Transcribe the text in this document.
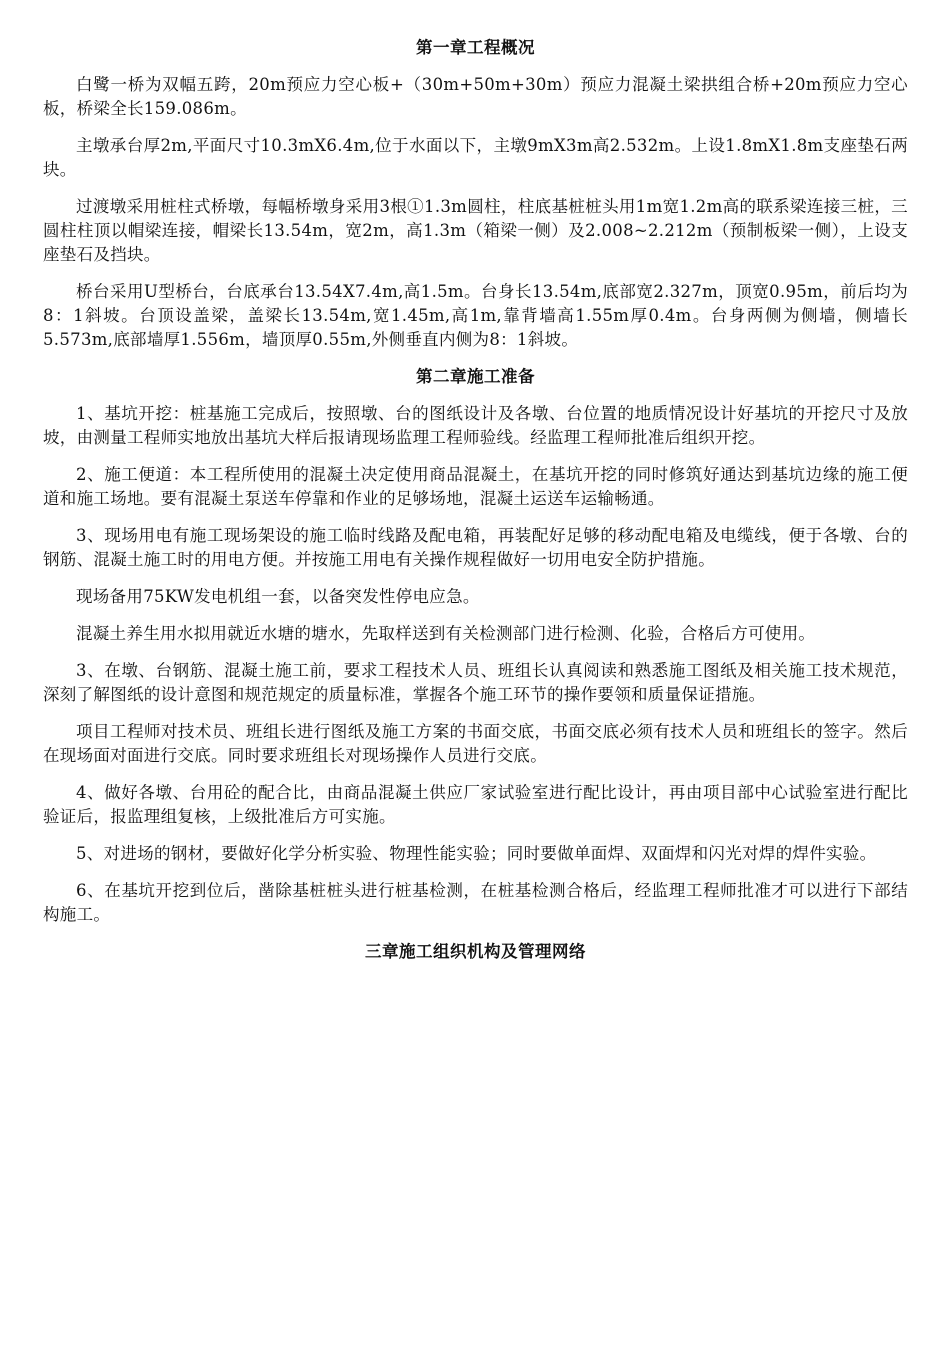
第一章工程概况

白鹭一桥为双幅五跨，20m预应力空心板+（30m+50m+30m）预应力混凝土梁拱组合桥+20m预应力空心板，桥梁全长159.086m。

主墩承台厚2m,平面尺寸10.3mX6.4m,位于水面以下，主墩9mX3m高2.532m。上设1.8mX1.8m支座垫石两块。

过渡墩采用桩柱式桥墩，每幅桥墩身采用3根①1.3m圆柱，柱底基桩桩头用1m宽1.2m高的联系梁连接三桩，三圆柱柱顶以帽梁连接，帽梁长13.54m，宽2m，高1.3m（箱梁一侧）及2.008~2.212m（预制板梁一侧），上设支座垫石及挡块。

桥台采用U型桥台，台底承台13.54X7.4m,高1.5m。台身长13.54m,底部宽2.327m，顶宽0.95m，前后均为8：1斜坡。台顶设盖梁，盖梁长13.54m,宽1.45m,高1m,靠背墙高1.55m厚0.4m。台身两侧为侧墙，侧墙长5.573m,底部墙厚1.556m，墙顶厚0.55m,外侧垂直内侧为8：1斜坡。

第二章施工准备

1、基坑开挖：桩基施工完成后，按照墩、台的图纸设计及各墩、台位置的地质情况设计好基坑的开挖尺寸及放坡，由测量工程师实地放出基坑大样后报请现场监理工程师验线。经监理工程师批准后组织开挖。

2、施工便道：本工程所使用的混凝土决定使用商品混凝土，在基坑开挖的同时修筑好通达到基坑边缘的施工便道和施工场地。要有混凝土泵送车停靠和作业的足够场地，混凝土运送车运输畅通。

3、现场用电有施工现场架设的施工临时线路及配电箱，再装配好足够的移动配电箱及电缆线，便于各墩、台的钢筋、混凝土施工时的用电方便。并按施工用电有关操作规程做好一切用电安全防护措施。

现场备用75KW发电机组一套，以备突发性停电应急。

混凝土养生用水拟用就近水塘的塘水，先取样送到有关检测部门进行检测、化验，合格后方可使用。

3、在墩、台钢筋、混凝土施工前，要求工程技术人员、班组长认真阅读和熟悉施工图纸及相关施工技术规范，深刻了解图纸的设计意图和规范规定的质量标准，掌握各个施工环节的操作要领和质量保证措施。

项目工程师对技术员、班组长进行图纸及施工方案的书面交底，书面交底必须有技术人员和班组长的签字。然后在现场面对面进行交底。同时要求班组长对现场操作人员进行交底。

4、做好各墩、台用砼的配合比，由商品混凝土供应厂家试验室进行配比设计，再由项目部中心试验室进行配比验证后，报监理组复核，上级批准后方可实施。

5、对进场的钢材，要做好化学分析实验、物理性能实验；同时要做单面焊、双面焊和闪光对焊的焊件实验。

6、在基坑开挖到位后，凿除基桩桩头进行桩基检测，在桩基检测合格后，经监理工程师批准才可以进行下部结构施工。

三章施工组织机构及管理网络
